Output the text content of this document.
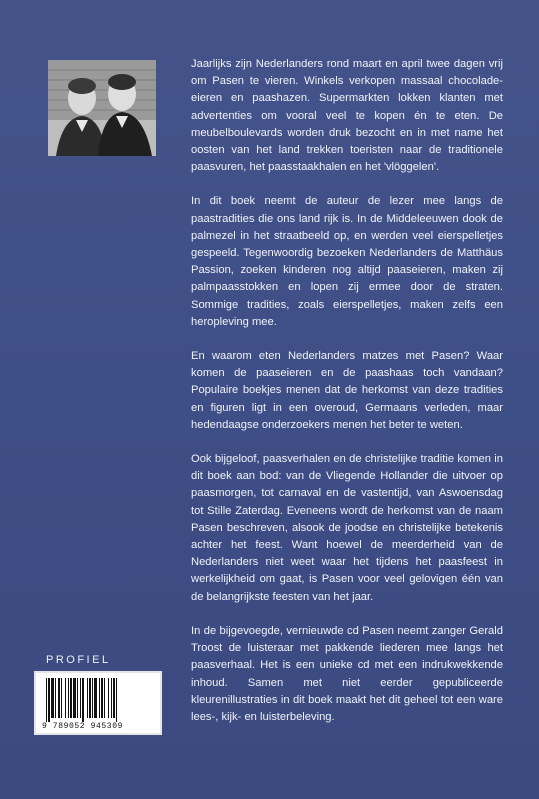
Jaarlijks zijn Nederlanders rond maart en april twee dagen vrij om Pasen te vieren. Winkels verkopen massaal chocolade-eieren en paashazen. Supermarkten lokken klanten met advertenties om vooral veel te kopen én te eten. De meubelboulevards worden druk bezocht en in met name het oosten van het land trekken toeristen naar de traditionele paasvuren, het paasstaakhalen en het 'vlöggelen'.

In dit boek neemt de auteur de lezer mee langs de paastradities die ons land rijk is. In de Middeleeuwen dook de palmezel in het straatbeeld op, en werden veel eierspelletjes gespeeld. Tegenwoordig bezoeken Nederlanders de Matthäus Passion, zoeken kinderen nog altijd paaseieren, maken zij palmpaasstokken en lopen zij ermee door de straten. Sommige tradities, zoals eierspelletjes, maken zelfs een heropleving mee.

En waarom eten Nederlanders matzes met Pasen? Waar komen de paaseieren en de paashaas toch vandaan? Populaire boekjes menen dat de herkomst van deze tradities en figuren ligt in een overoud, Germaans verleden, maar hedendaagse onderzoekers menen het beter te weten.

Ook bijgeloof, paasverhalen en de christelijke traditie komen in dit boek aan bod: van de Vliegende Hollander die uitvoer op paasmorgen, tot carnaval en de vastentijd, van Aswoensdag tot Stille Zaterdag. Eveneens wordt de herkomst van de naam Pasen beschreven, alsook de joodse en christelijke betekenis achter het feest. Want hoewel de meerderheid van de Nederlanders niet weet waar het tijdens het paasfeest in werkelijkheid om gaat, is Pasen voor veel gelovigen één van de belangrijkste feesten van het jaar.

In de bijgevoegde, vernieuwde cd Pasen neemt zanger Gerald Troost de luisteraar met pakkende liederen mee langs het paasverhaal. Het is een unieke cd met een indrukwekkende inhoud. Samen met niet eerder gepubliceerde kleurenillustraties in dit boek maakt het dit geheel tot een ware lees-, kijk- en luisterbeleving.

PROFIEL
9 789052 945309
